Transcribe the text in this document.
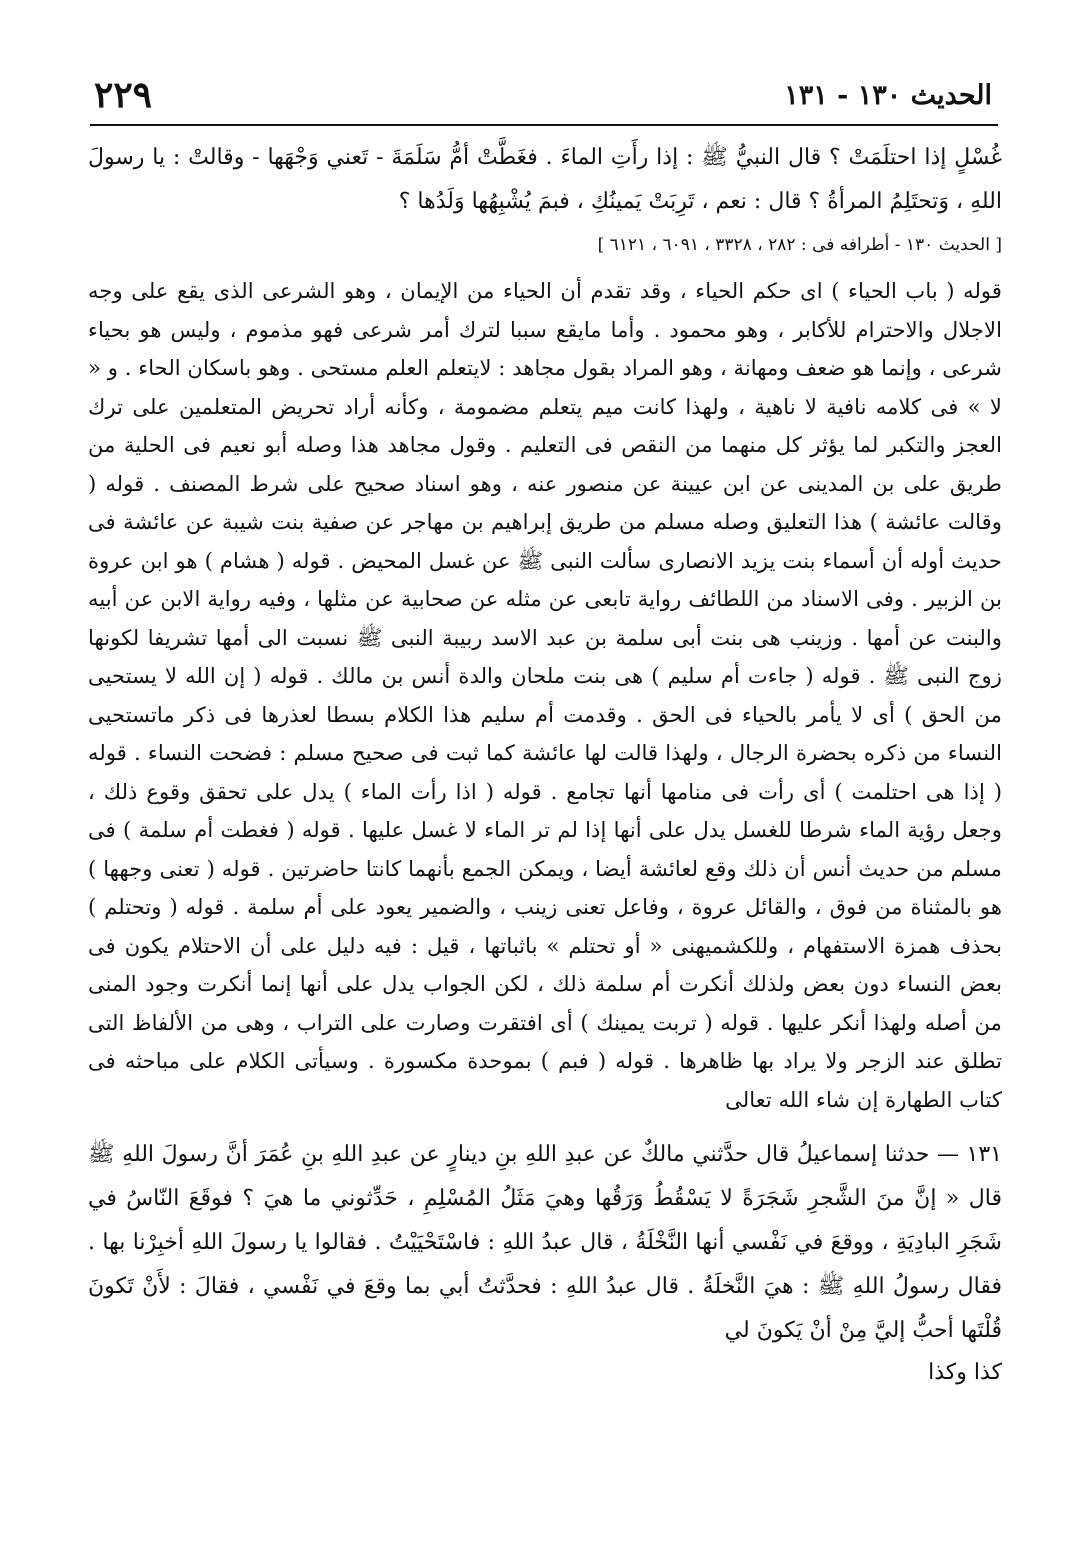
٢٢٩	الحديث ١٣٠ - ١٣١

غُسْلٍ إذا احتلَمَتْ ؟ قال النبيُّ ﷺ : إذا رأَتِ الماءَ . فغَطَّتْ أمُّ سَلَمَةَ - تَعني وَجْهَها - وقالتْ : يا رسولَ اللهِ ، وَتحتَلِمُ المرأةُ ؟ قال : نعم ، تَرِبَتْ يَمينُكِ ، فبمَ يُشْبِهُها وَلَدُها ؟

[ الحديث ١٣٠ - أطرافه فى : ٢٨٢ ، ٣٣٢٨ ، ٦٠٩١ ، ٦١٢١ ]

قوله ( باب الحياء ) اى حكم الحياء ، وقد تقدم أن الحياء من الإيمان ، وهو الشرعى الذى يقع على وجه الاجلال والاحترام للأكابر ، وهو محمود . وأما مايقع سببا لترك أمر شرعى فهو مذموم ، وليس هو بحياء شرعى ، وإنما هو ضعف ومهانة ، وهو المراد بقول مجاهد : لايتعلم العلم مستحى . وهو باسكان الحاء . و « لا » فى كلامه نافية لا ناهية ، ولهذا كانت ميم يتعلم مضمومة ، وكأنه أراد تحريض المتعلمين على ترك العجز والتكبر لما يؤثر كل منهما من النقص فى التعليم . وقول مجاهد هذا وصله أبو نعيم فى الحلية من طريق على بن المدينى عن ابن عيينة عن منصور عنه ، وهو اسناد صحيح على شرط المصنف . قوله ( وقالت عائشة ) هذا التعليق وصله مسلم من طريق إبراهيم بن مهاجر عن صفية بنت شيبة عن عائشة فى حديث أوله أن أسماء بنت يزيد الانصارى سألت النبى ﷺ عن غسل المحيض . قوله ( هشام ) هو ابن عروة بن الزبير . وفى الاسناد من اللطائف رواية تابعى عن مثله عن صحابية عن مثلها ، وفيه رواية الابن عن أبيه والبنت عن أمها . وزينب هى بنت أبى سلمة بن عبد الاسد ربيبة النبى ﷺ نسبت الى أمها تشريفا لكونها زوج النبى ﷺ . قوله ( جاءت أم سليم ) هى بنت ملحان والدة أنس بن مالك . قوله ( إن الله لا يستحيى من الحق ) أى لا يأمر بالحياء فى الحق . وقدمت أم سليم هذا الكلام بسطا لعذرها فى ذكر ماتستحيى النساء من ذكره بحضرة الرجال ، ولهذا قالت لها عائشة كما ثبت فى صحيح مسلم : فضحت النساء . قوله ( إذا هى احتلمت ) أى رأت فى منامها أنها تجامع . قوله ( اذا رأت الماء ) يدل على تحقق وقوع ذلك ، وجعل رؤية الماء شرطا للغسل يدل على أنها إذا لم تر الماء لا غسل عليها . قوله ( فغطت أم سلمة ) فى مسلم من حديث أنس أن ذلك وقع لعائشة أيضا ، ويمكن الجمع بأنهما كانتا حاضرتين . قوله ( تعنى وجهها ) هو بالمثناة من فوق ، والقائل عروة ، وفاعل تعنى زينب ، والضمير يعود على أم سلمة . قوله ( وتحتلم ) بحذف همزة الاستفهام ، وللكشميهنى « أو تحتلم » باثباتها ، قيل : فيه دليل على أن الاحتلام يكون فى بعض النساء دون بعض ولذلك أنكرت أم سلمة ذلك ، لكن الجواب يدل على أنها إنما أنكرت وجود المنى من أصله ولهذا أنكر عليها . قوله ( تربت يمينك ) أى افتقرت وصارت على التراب ، وهى من الألفاظ التى تطلق عند الزجر ولا يراد بها ظاهرها . قوله ( فبم ) بموحدة مكسورة . وسيأتى الكلام على مباحثه فى كتاب الطهارة إن شاء الله تعالى

١٣١ — حدثنا إسماعيلُ قال حدَّثني مالكٌ عن عبدِ اللهِ بنِ دينارٍ عن عبدِ اللهِ بنِ عُمَرَ أنَّ رسولَ اللهِ ﷺ قال « إنَّ منَ الشَّجرِ شَجَرَةً لا يَسْقُطُ وَرَقُها وهيَ مَثَلُ المُسْلِمِ ، حَدِّثوني ما هيَ ؟ فوقَعَ النّاسُ في شَجَرِ البادِيَةِ ، ووقعَ في نَفْسي أنها النَّخْلَةُ ، قال عبدُ اللهِ : فاسْتَحْيَيْتُ . فقالوا يا رسولَ اللهِ أخبِرْنا بها . فقال رسولُ اللهِ ﷺ : هيَ النَّخلَةُ . قال عبدُ اللهِ : فحدَّثتُ أبي بما وقعَ في نَفْسي ، فقالَ : لأَنْ تَكونَ قُلْتَها أحبُّ إليَّ مِنْ أنْ يَكونَ لي

كذا وكذا
